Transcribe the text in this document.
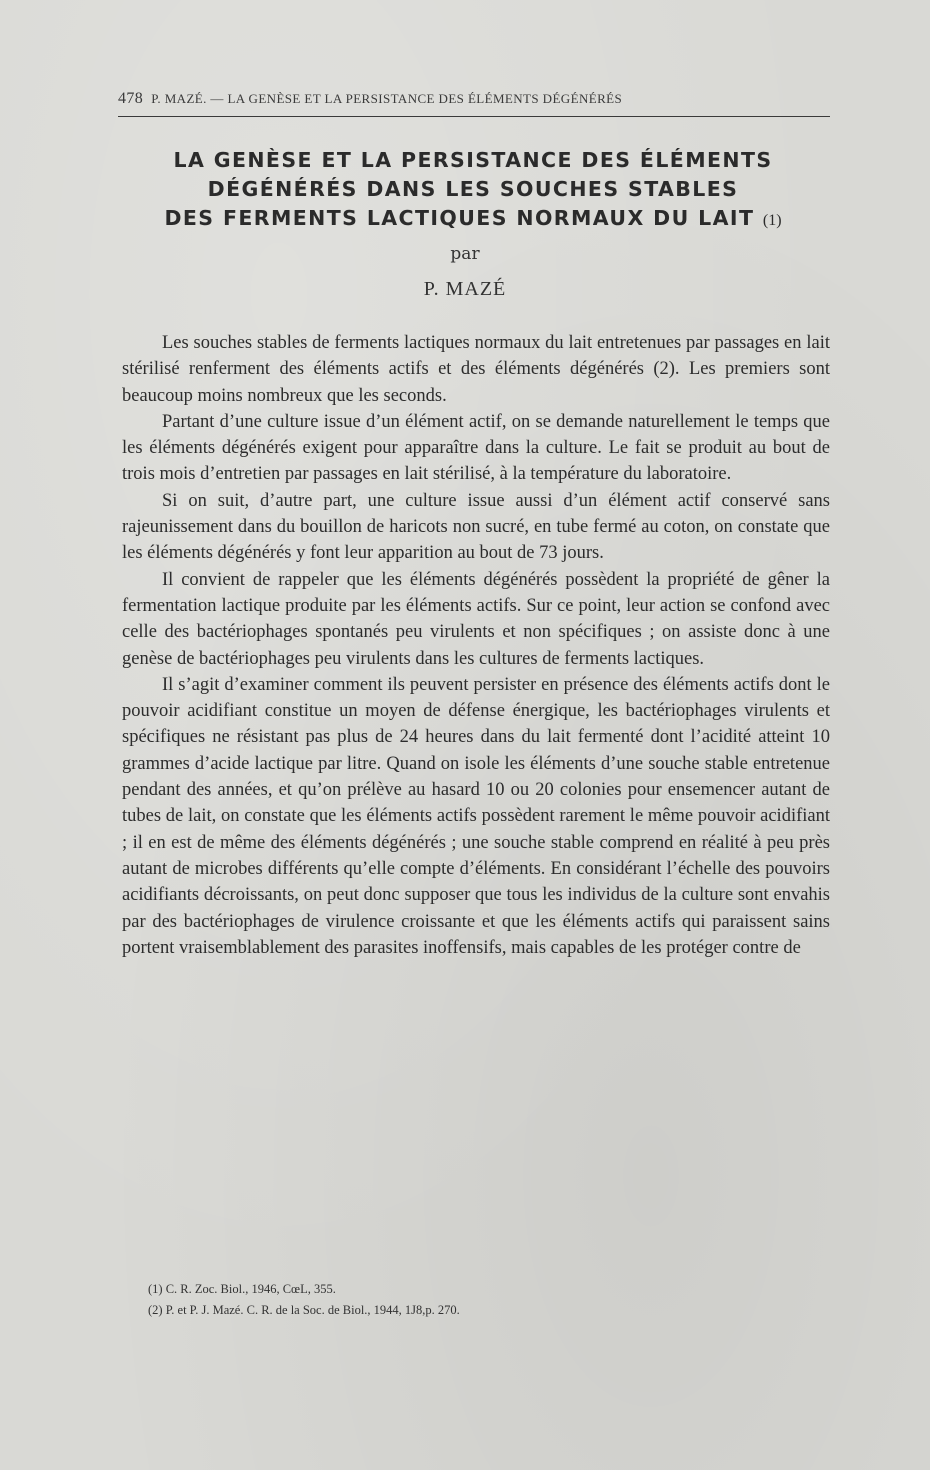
478 P. MAZÉ. — LA GENÈSE ET LA PERSISTANCE DES ÉLÉMENTS DÉGÉNÉRÉS
LA GENÈSE ET LA PERSISTANCE DES ÉLÉMENTS
DÉGÉNÉRÉS DANS LES SOUCHES STABLES
DES FERMENTS LACTIQUES NORMAUX DU LAIT (1)
par
P. MAZÉ

Les souches stables de ferments lactiques normaux du lait entretenues par passages en lait stérilisé renferment des éléments actifs et des éléments dégénérés (2). Les premiers sont beaucoup moins nombreux que les seconds.

Partant d’une culture issue d’un élément actif, on se demande naturellement le temps que les éléments dégénérés exigent pour apparaître dans la culture. Le fait se produit au bout de trois mois d’entretien par passages en lait stérilisé, à la température du laboratoire.

Si on suit, d’autre part, une culture issue aussi d’un élément actif conservé sans rajeunissement dans du bouillon de haricots non sucré, en tube fermé au coton, on constate que les éléments dégénérés y font leur apparition au bout de 73 jours.

Il convient de rappeler que les éléments dégénérés possèdent la propriété de gêner la fermentation lactique produite par les éléments actifs. Sur ce point, leur action se confond avec celle des bactériophages spontanés peu virulents et non spécifiques ; on assiste donc à une genèse de bactériophages peu virulents dans les cultures de ferments lactiques.

Il s’agit d’examiner comment ils peuvent persister en présence des éléments actifs dont le pouvoir acidifiant constitue un moyen de défense énergique, les bactériophages virulents et spécifiques ne résistant pas plus de 24 heures dans du lait fermenté dont l’acidité atteint 10 grammes d’acide lactique par litre. Quand on isole les éléments d’une souche stable entretenue pendant des années, et qu’on prélève au hasard 10 ou 20 colonies pour ensemencer autant de tubes de lait, on constate que les éléments actifs possèdent rarement le même pouvoir acidifiant ; il en est de même des éléments dégénérés ; une souche stable comprend en réalité à peu près autant de microbes différents qu’elle compte d’éléments. En considérant l’échelle des pouvoirs acidifiants décroissants, on peut donc supposer que tous les individus de la culture sont envahis par des bactériophages de virulence croissante et que les éléments actifs qui paraissent sains portent vraisemblablement des parasites inoffensifs, mais capables de les protéger contre de

(1) C. R. Zoc. Biol., 1946, CœL, 355.
(2) P. et P. J. Mazé. C. R. de la Soc. de Biol., 1944, 1J8,p. 270.
